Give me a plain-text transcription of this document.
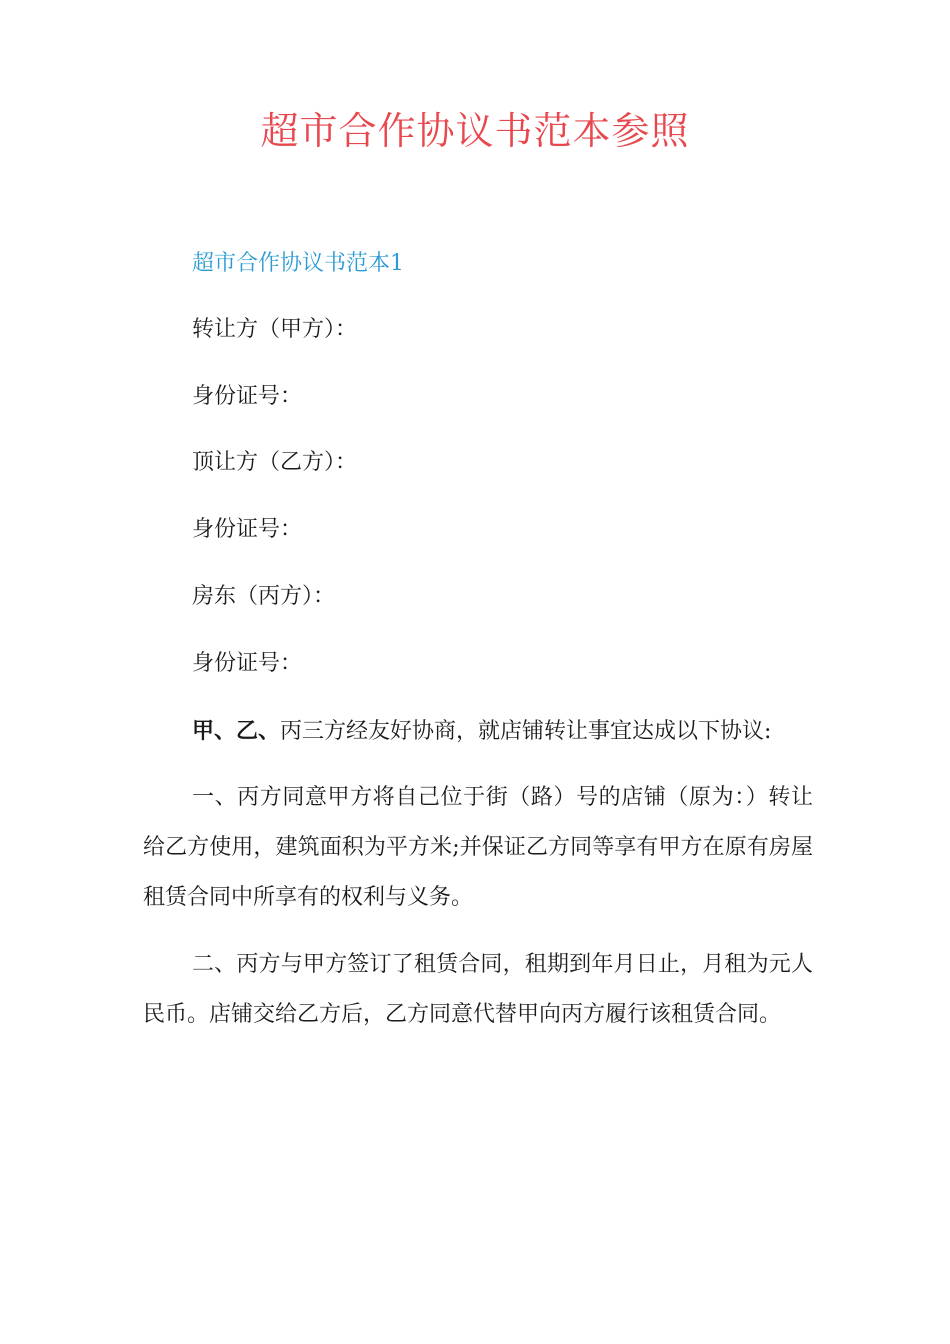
超市合作协议书范本参照
超市合作协议书范本1

转让方（甲方）：

身份证号：

顶让方（乙方）：

身份证号：

房东（丙方）：

身份证号：

甲、乙、丙三方经友好协商，就店铺转让事宜达成以下协议:

一、丙方同意甲方将自己位于街（路）号的店铺（原为：）转让给乙方使用，建筑面积为平方米;并保证乙方同等享有甲方在原有房屋租赁合同中所享有的权利与义务。

二、丙方与甲方签订了租赁合同，租期到年月日止，月租为元人民币。店铺交给乙方后，乙方同意代替甲向丙方履行该租赁合同。
